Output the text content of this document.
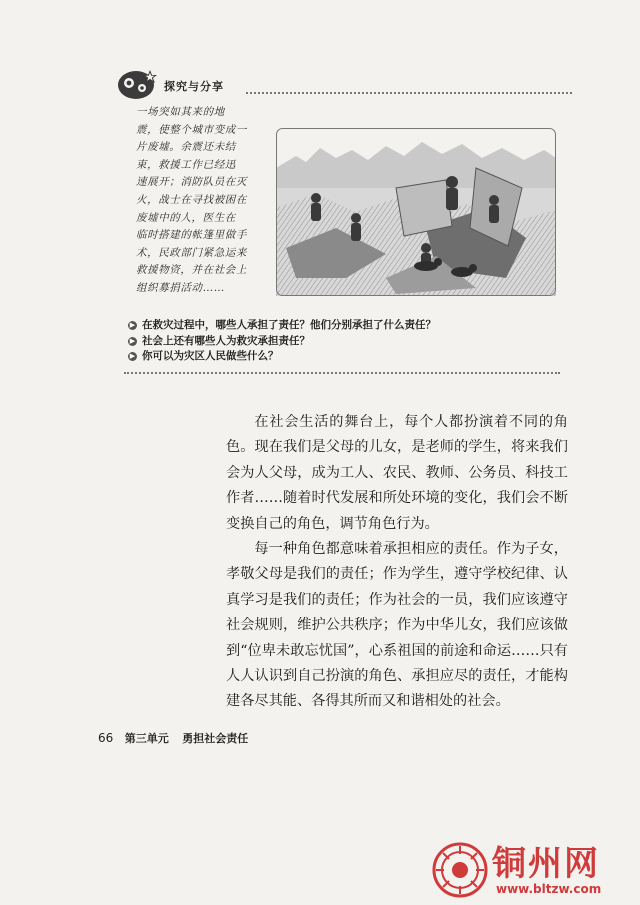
探究与分享
一场突如其来的地
震，使整个城市变成一
片废墟。余震还未结
束，救援工作已经迅
速展开；消防队员在灭
火，战士在寻找被困在
废墟中的人，医生在
临时搭建的帐篷里做手
术，民政部门紧急运来
救援物资，并在社会上
组织募捐活动……
▶ 在救灾过程中，哪些人承担了责任？他们分别承担了什么责任？
▶ 社会上还有哪些人为救灾承担责任？
▶ 你可以为灾区人民做些什么？

在社会生活的舞台上，每个人都扮演着不同的角色。现在我们是父母的儿女，是老师的学生，将来我们会为人父母，成为工人、农民、教师、公务员、科技工作者……随着时代发展和所处环境的变化，我们会不断变换自己的角色，调节角色行为。

每一种角色都意味着承担相应的责任。作为子女，孝敬父母是我们的责任；作为学生，遵守学校纪律、认真学习是我们的责任；作为社会的一员，我们应该遵守社会规则，维护公共秩序；作为中华儿女，我们应该做到“位卑未敢忘忧国”，心系祖国的前途和命运……只有人人认识到自己扮演的角色、承担应尽的责任，才能构建各尽其能、各得其所而又和谐相处的社会。

66 第三单元 勇担社会责任
铜州网
www.bltzw.com
